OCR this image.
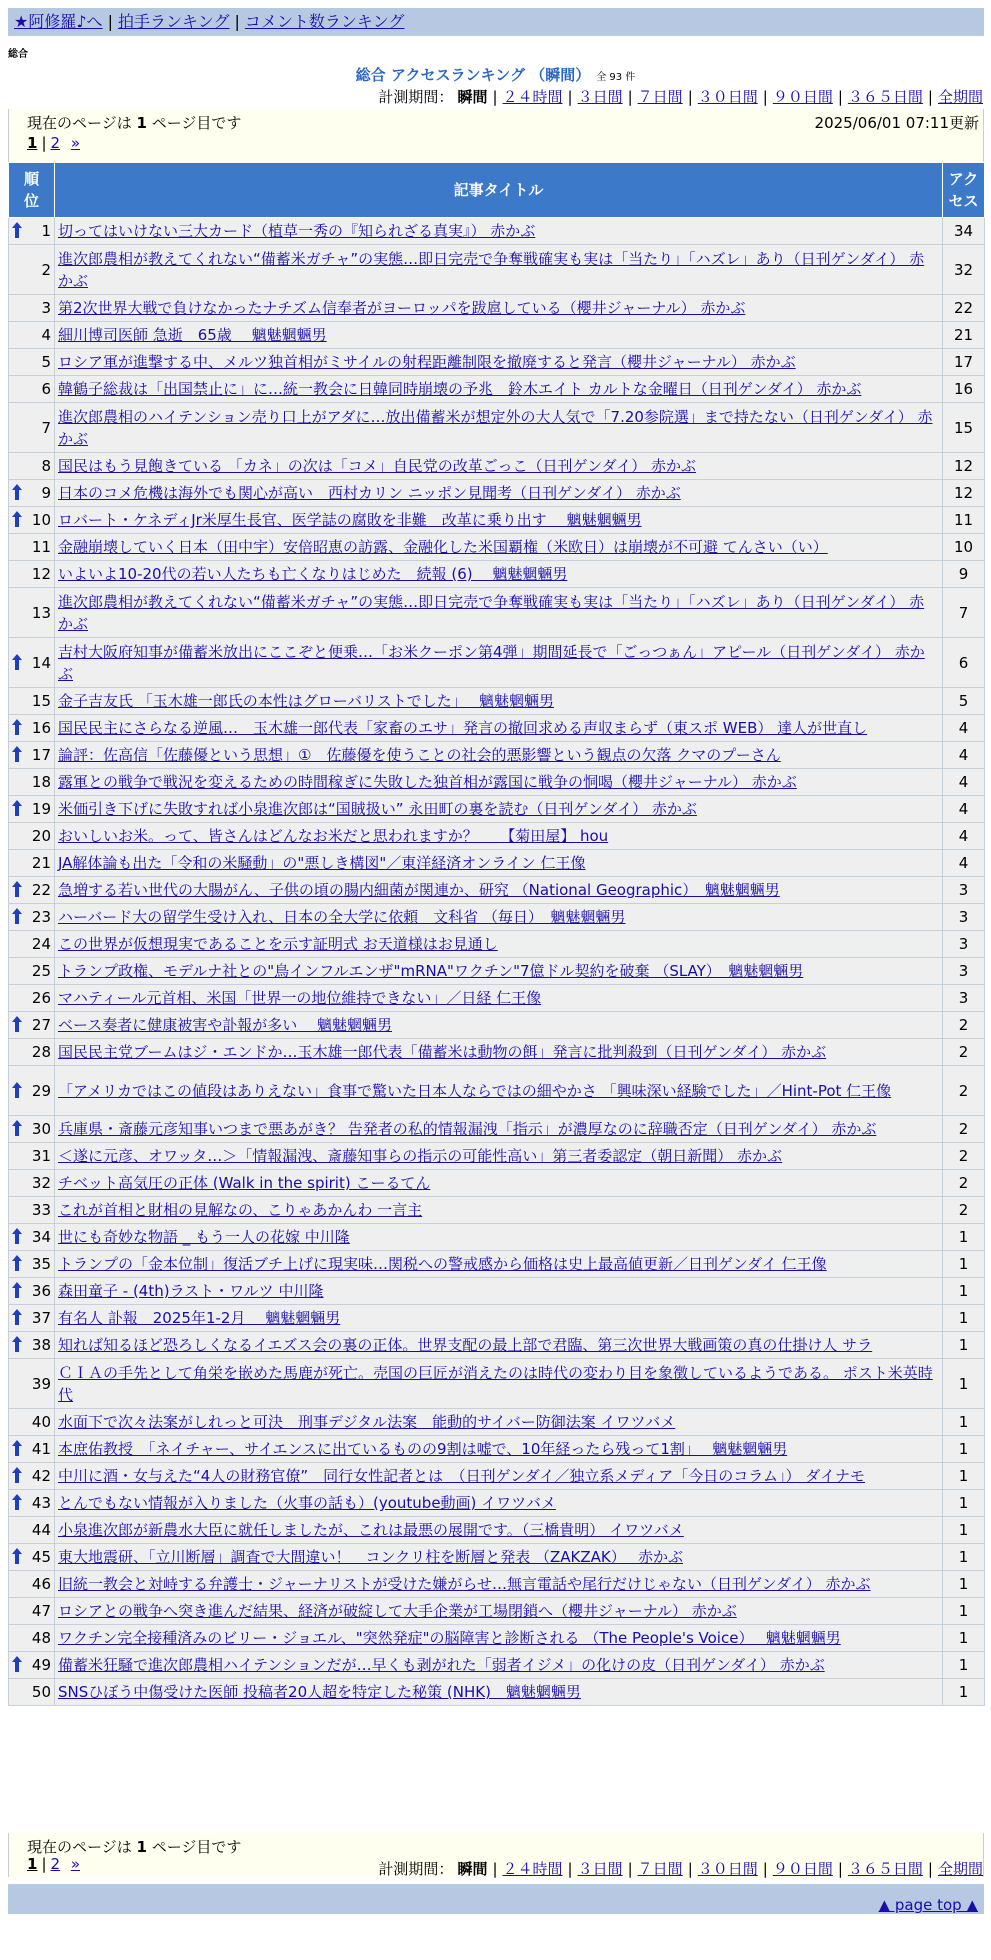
★阿修羅♪へ | 拍手ランキング | コメント数ランキング
総合
総合 アクセスランキング （瞬間） 全 93 件
計測期間： 瞬間 | ２４時間 | ３日間 | ７日間 | ３０日間 | ９０日間 | ３６５日間 | 全期間
現在のページは 1 ページ目です	2025/06/01 07:11更新
1 | 2 »
順位	記事タイトル	アクセス

1	切ってはいけない三大カード（植草一秀の『知られざる真実』） 赤かぶ	34
2	進次郎農相が教えてくれない“備蓄米ガチャ”の実態…即日完売で争奪戦確実も実は「当たり」「ハズレ」あり（日刊ゲンダイ） 赤かぶ	32
3	第2次世界大戦で負けなかったナチズム信奉者がヨーロッパを跋扈している（櫻井ジャーナル） 赤かぶ	22
4	細川博司医師 急逝　65歳　 魑魅魍魎男	21
5	ロシア軍が進撃する中、メルツ独首相がミサイルの射程距離制限を撤廃すると発言（櫻井ジャーナル） 赤かぶ	17
6	韓鶴子総裁は「出国禁止に」に…統一教会に日韓同時崩壊の予兆　鈴木エイト カルトな金曜日（日刊ゲンダイ） 赤かぶ	16
7	進次郎農相のハイテンション売り口上がアダに…放出備蓄米が想定外の大人気で「7.20参院選」まで持たない（日刊ゲンダイ） 赤かぶ	15
8	国民はもう見飽きている 「カネ」の次は「コメ」自民党の改革ごっこ（日刊ゲンダイ） 赤かぶ	12

9	日本のコメ危機は海外でも関心が高い　西村カリン ニッポン見聞考（日刊ゲンダイ） 赤かぶ	12

10	ロバート・ケネディJr米厚生長官、医学誌の腐敗を非難　改革に乗り出す　 魑魅魍魎男	11
11	金融崩壊していく日本（田中宇）安倍昭恵の訪露、金融化した米国覇権（米欧日）は崩壊が不可避 てんさい（い）	10
12	いよいよ10-20代の若い人たちも亡くなりはじめた　続報 (6)　 魑魅魍魎男	9
13	進次郎農相が教えてくれない“備蓄米ガチャ”の実態…即日完売で争奪戦確実も実は「当たり」「ハズレ」あり（日刊ゲンダイ） 赤かぶ	7

14	吉村大阪府知事が備蓄米放出にここぞと便乗…「お米クーポン第4弾」期間延長で「ごっつぁん」アピール（日刊ゲンダイ） 赤かぶ	6
15	金子吉友氏 「玉木雄一郎氏の本性はグローバリストでした」　 魑魅魍魎男	5

16	国民民主にさらなる逆風…　玉木雄一郎代表「家畜のエサ」発言の撤回求める声収まらず（東スポ WEB） 達人が世直し	4

17	論評：佐高信「佐藤優という思想」①　佐藤優を使うことの社会的悪影響という観点の欠落 クマのプーさん	4
18	露軍との戦争で戦況を変えるための時間稼ぎに失敗した独首相が露国に戦争の恫喝（櫻井ジャーナル） 赤かぶ	4

19	米価引き下げに失敗すれば小泉進次郎は“国賊扱い” 永田町の裏を読む（日刊ゲンダイ） 赤かぶ	4
20	おいしいお米。って、皆さんはどんなお米だと思われますか？　　【菊田屋】 hou	4
21	JA解体論も出た「令和の米騒動」の"悪しき構図"／東洋経済オンライン 仁王像	4

22	急増する若い世代の大腸がん、子供の頃の腸内細菌が関連か、研究 （National Geographic）　魑魅魍魎男	3

23	ハーバード大の留学生受け入れ、日本の全大学に依頼　文科省 （毎日）　魑魅魍魎男	3
24	この世界が仮想現実であることを示す証明式 お天道様はお見通し	3
25	トランプ政権、モデルナ社との"鳥インフルエンザ"mRNA"ワクチン"7億ドル契約を破棄 （SLAY）　魑魅魍魎男	3
26	マハティール元首相、米国「世界一の地位維持できない」／日経 仁王像	3

27	ベース奏者に健康被害や訃報が多い　 魑魅魍魎男	2
28	国民民主党ブームはジ・エンドか…玉木雄一郎代表「備蓄米は動物の餌」発言に批判殺到（日刊ゲンダイ） 赤かぶ	2

29	「アメリカではこの値段はありえない」食事で驚いた日本人ならではの細やかさ 「興味深い経験でした」／Hint-Pot 仁王像	2

30	兵庫県・斎藤元彦知事いつまで悪あがき？ 告発者の私的情報漏洩「指示」が濃厚なのに辞職否定（日刊ゲンダイ） 赤かぶ	2
31	＜遂に元彦、オワッタ…＞「情報漏洩、斎藤知事らの指示の可能性高い」第三者委認定（朝日新聞） 赤かぶ	2
32	チベット高気圧の正体 (Walk in the spirit) こーるてん	2
33	これが首相と財相の見解なの、こりゃあかんわ 一言主	2

34	世にも奇妙な物語 _ もう一人の花嫁 中川隆	1

35	トランプの「金本位制」復活ブチ上げに現実味…関税への警戒感から価格は史上最高値更新／日刊ゲンダイ 仁王像	1

36	森田童子 - (4th)ラスト・ワルツ 中川隆	1

37	有名人 訃報　2025年1-2月　 魑魅魍魎男	1

38	知れば知るほど恐ろしくなるイエズス会の裏の正体。世界支配の最上部で君臨、第三次世界大戦画策の真の仕掛け人 サラ	1
39	ＣＩＡの手先として角栄を嵌めた馬鹿が死亡。売国の巨匠が消えたのは時代の変わり目を象徴しているようである。 ポスト米英時代	1
40	水面下で次々法案がしれっと可決　刑事デジタル法案　能動的サイバー防御法案 イワツバメ	1

41	本庶佑教授　「ネイチャー、サイエンスに出ているものの9割は嘘で、10年経ったら残って1割」　 魑魅魍魎男	1

42	中川に酒・女与えた“4人の財務官僚”　同行女性記者とは　（日刊ゲンダイ／独立系メディア「今日のコラム」） ダイナモ	1

43	とんでもない情報が入りました（火事の話も）(youtube動画) イワツバメ	1
44	小泉進次郎が新農水大臣に就任しましたが、これは最悪の展開です。（三橋貴明） イワツバメ	1

45	東大地震研、「立川断層」調査で大間違い！　コンクリ柱を断層と発表 （ZAKZAK）　 赤かぶ	1
46	旧統一教会と対峙する弁護士・ジャーナリストが受けた嫌がらせ…無言電話や尾行だけじゃない（日刊ゲンダイ） 赤かぶ	1
47	ロシアとの戦争へ突き進んだ結果、経済が破綻して大手企業が工場閉鎖へ（櫻井ジャーナル） 赤かぶ	1
48	ワクチン完全接種済みのビリー・ジョエル、"突然発症"の脳障害と診断される （The People's Voice）　 魑魅魍魎男	1

49	備蓄米狂騒で進次郎農相ハイテンションだが…早くも剥がれた「弱者イジメ」の化けの皮（日刊ゲンダイ） 赤かぶ	1
50	SNSひぼう中傷受けた医師 投稿者20人超を特定した秘策 (NHK)　魑魅魍魎男	1
現在のページは 1 ページ目です
1 | 2 »	計測期間： 瞬間 | ２４時間 | ３日間 | ７日間 | ３０日間 | ９０日間 | ３６５日間 | 全期間
▲ page top ▲
